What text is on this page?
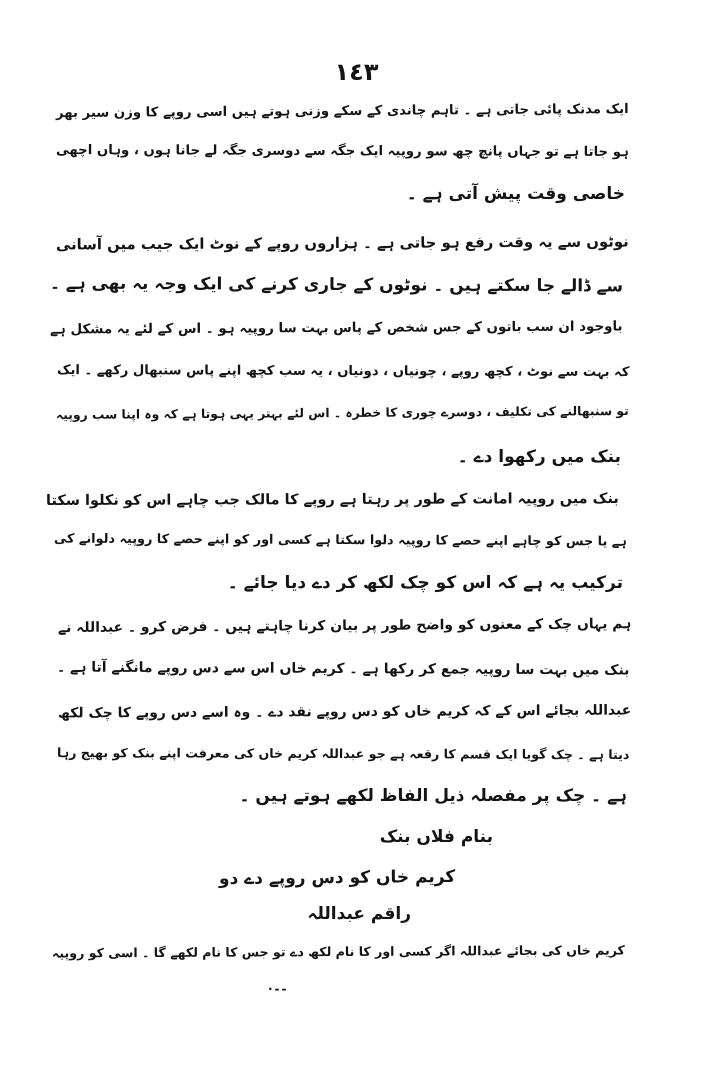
١٤٣
ایک مدنک پائی جاتی ہے ۔ تاہم چاندی کے سکے وزنی ہوتے ہیں اسی روپے کا وزن سیر بھر
ہو جاتا ہے تو جہاں پانچ چھ سو روپیہ ایک جگہ سے دوسری جگہ لے جانا ہوں ، وہاں اچھی
خاصی وقت پیش آتی ہے ۔
نوٹوں سے یہ وقت رفع ہو جاتی ہے ۔ ہزاروں روپے کے نوٹ ایک جیب میں آسانی
سے ڈالے جا سکتے ہیں ۔ نوٹوں کے جاری کرنے کی ایک وجہ یہ بھی ہے ۔
باوجود ان سب باتوں کے جس شخص کے پاس بہت سا روپیہ ہو ۔ اس کے لئے یہ مشکل ہے
کہ بہت سے نوٹ ، کچھ روپے ، چونیاں ، دونیاں ، یہ سب کچھ اپنے پاس سنبھال رکھے ۔ ایک
تو سنبھالنے کی تکلیف ، دوسرے چوری کا خطرہ ۔ اس لئے بہتر یہی ہوتا ہے کہ وہ اپنا سب روپیہ
بنک میں رکھوا دے ۔
بنک میں روپیہ امانت کے طور پر رہتا ہے روپے کا مالک جب چاہے اس کو نکلوا سکتا
ہے یا جس کو چاہے اپنے حصے کا روپیہ دلوا سکتا ہے کسی اور کو اپنے حصے کا روپیہ دلوانے کی
ترکیب یہ ہے کہ اس کو چک لکھ کر دے دیا جائے ۔
ہم یہاں چک کے معنوں کو واضح طور پر بیان کرنا چاہتے ہیں ۔ فرض کرو ۔ عبداللہ نے
بنک میں بہت سا روپیہ جمع کر رکھا ہے ۔ کریم خاں اس سے دس روپے مانگنے آتا ہے ۔
عبداللہ بجائے اس کے کہ کریم خاں کو دس روپے نقد دے ۔ وہ اسے دس روپے کا چک لکھ
دیتا ہے ۔ چک گویا ایک قسم کا رقعہ ہے جو عبداللہ کریم خاں کی معرفت اپنے بنک کو بھیج رہا
ہے ۔ چک پر مفصلہ ذیل الفاظ لکھے ہوتے ہیں ۔
بنام فلاں بنک
کریم خاں کو دس روپے دے دو
راقم عبداللہ
کریم خاں کی بجائے عبداللہ اگر کسی اور کا نام لکھ دے تو جس کا نام لکھے گا ۔ اسی کو روپیہ
·--
